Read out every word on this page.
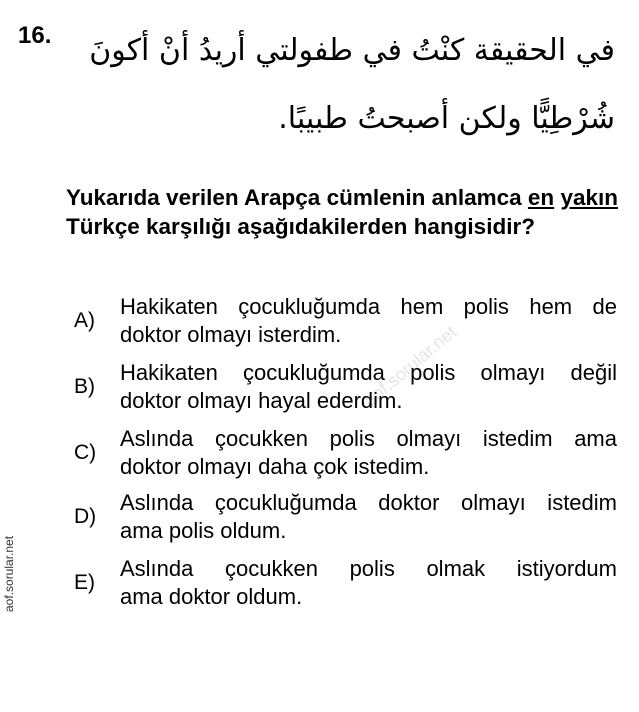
16.	في الحقيقة كنْتُ في طفولتي أريدُ أنْ أكونَ
شُرْطِيًّا ولكن أصبحتُ طبيبًا.
Yukarıda verilen Arapça cümlenin anlamca en yakın Türkçe karşılığı aşağıdakilerden hangisidir?
aof.sorular.net
A)
Hakikaten çocukluğumda hem polis hem de
doktor olmayı isterdim.
B)
Hakikaten çocukluğumda polis olmayı değil
doktor olmayı hayal ederdim.
C)
Aslında çocukken polis olmayı istedim ama
doktor olmayı daha çok istedim.
D)
Aslında çocukluğumda doktor olmayı istedim
ama polis oldum.
E)
Aslında çocukken polis olmak istiyordum
ama doktor oldum.
aof.sorular.net
